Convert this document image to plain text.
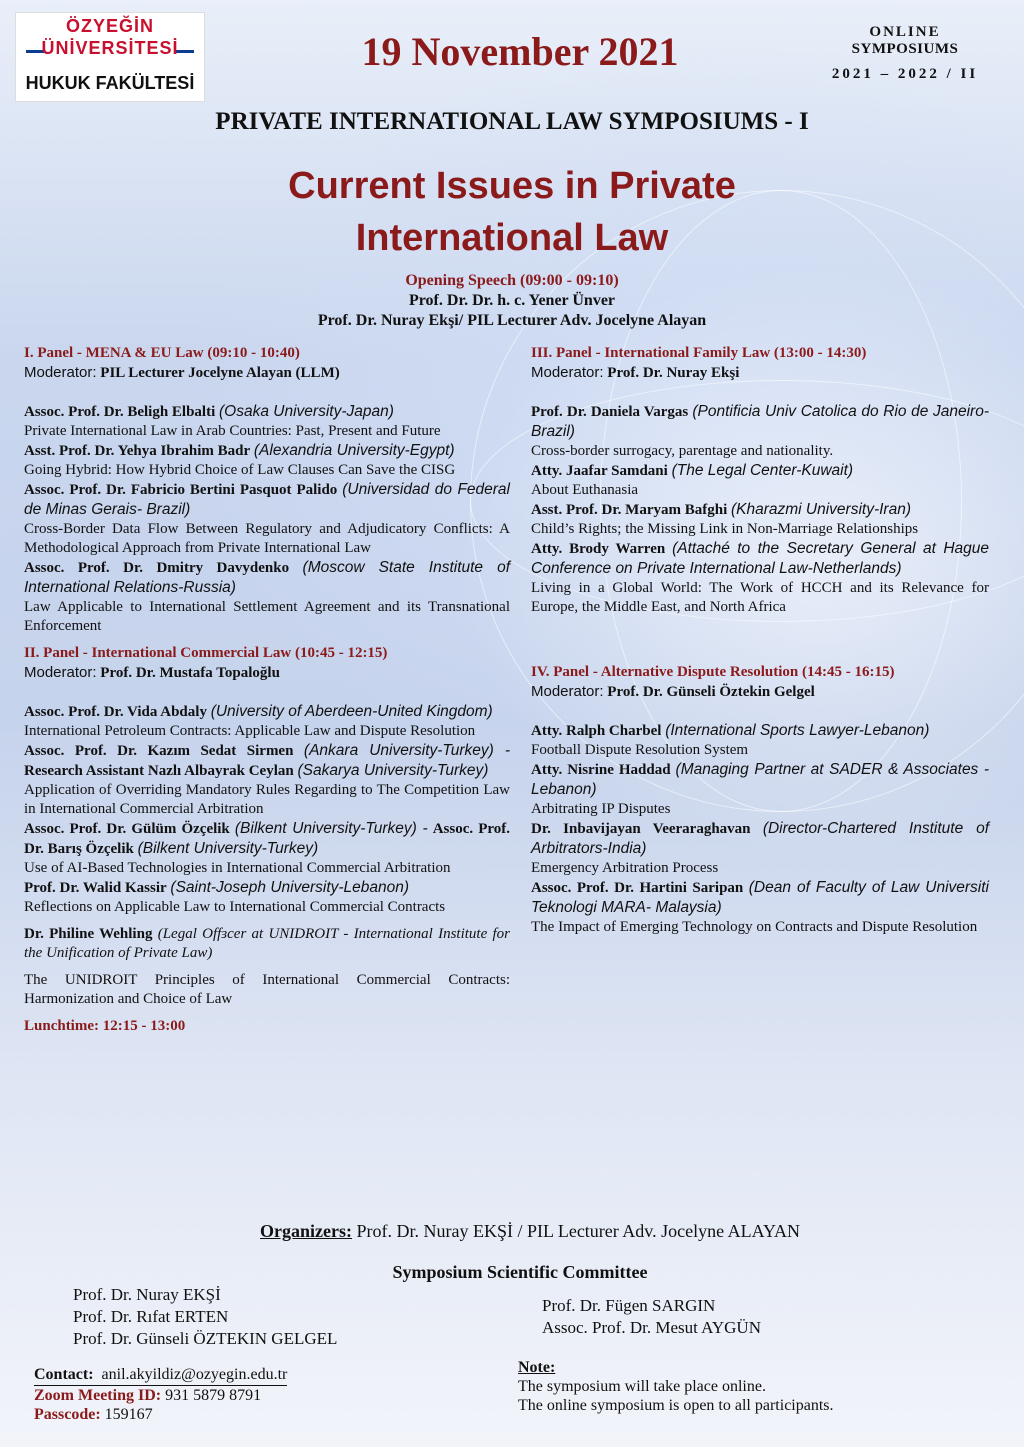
ÖZYEĞİN
ÜNİVERSİTESİ
HUKUK FAKÜLTESİ
19 November 2021	ONLINE
SYMPOSIUMS
2021 – 2022 / II
PRIVATE INTERNATIONAL LAW SYMPOSIUMS - I
Current Issues in Private
International Law
Opening Speech (09:00 - 09:10)
Prof. Dr. Dr. h. c. Yener Ünver
Prof. Dr. Nuray Ekşi/ PIL Lecturer Adv. Jocelyne Alayan

I. Panel - MENA & EU Law (09:10 - 10:40)

Moderator: PIL Lecturer Jocelyne Alayan (LLM)

Assoc. Prof. Dr. Beligh Elbalti (Osaka University-Japan)

Private International Law in Arab Countries: Past, Present and Future

Asst. Prof. Dr. Yehya Ibrahim Badr (Alexandria University-Egypt)

Going Hybrid: How Hybrid Choice of Law Clauses Can Save the CISG

Assoc. Prof. Dr. Fabricio Bertini Pasquot Palido (Universidad do Federal de Minas Gerais- Brazil)

Cross-Border Data Flow Between Regulatory and Adjudicatory Conflicts: A Methodological Approach from Private International Law

Assoc. Prof. Dr. Dmitry Davydenko (Moscow State Institute of International Relations-Russia)

Law Applicable to International Settlement Agreement and its Transnational Enforcement

II. Panel - International Commercial Law (10:45 - 12:15)

Moderator: Prof. Dr. Mustafa Topaloğlu

Assoc. Prof. Dr. Vida Abdaly (University of Aberdeen-United Kingdom)

International Petroleum Contracts: Applicable Law and Dispute Resolution

Assoc. Prof. Dr. Kazım Sedat Sirmen (Ankara University-Turkey) - Research Assistant Nazlı Albayrak Ceylan (Sakarya University-Turkey)

Application of Overriding Mandatory Rules Regarding to The Competition Law in International Commercial Arbitration

Assoc. Prof. Dr. Gülüm Özçelik (Bilkent University-Turkey) - Assoc. Prof. Dr. Barış Özçelik (Bilkent University-Turkey)

Use of AI-Based Technologies in International Commercial Arbitration

Prof. Dr. Walid Kassir (Saint-Joseph University-Lebanon)

Reflections on Applicable Law to International Commercial Contracts

Dr. Philine Wehling (Legal Offɜcer at UNIDROIT - International Institute for the Unification of Private Law)

The UNIDROIT Principles of International Commercial Contracts: Harmonization and Choice of Law

Lunchtime: 12:15 - 13:00

III. Panel - International Family Law (13:00 - 14:30)

Moderator: Prof. Dr. Nuray Ekşi

Prof. Dr. Daniela Vargas (Pontificia Univ Catolica do Rio de Janeiro-Brazil)

Cross-border surrogacy, parentage and nationality.

Atty. Jaafar Samdani (The Legal Center-Kuwait)

About Euthanasia

Asst. Prof. Dr. Maryam Bafghi (Kharazmi University-Iran)

Child’s Rights; the Missing Link in Non-Marriage Relationships

Atty. Brody Warren (Attaché to the Secretary General at Hague Conference on Private International Law-Netherlands)

Living in a Global World: The Work of HCCH and its Relevance for Europe, the Middle East, and North Africa

IV. Panel - Alternative Dispute Resolution (14:45 - 16:15)

Moderator: Prof. Dr. Günseli Öztekin Gelgel

Atty. Ralph Charbel (International Sports Lawyer-Lebanon)

Football Dispute Resolution System

Atty. Nisrine Haddad (Managing Partner at SADER & Associates -Lebanon)

Arbitrating IP Disputes

Dr. Inbavijayan Veeraraghavan (Director-Chartered Institute of Arbitrators-India)

Emergency Arbitration Process

Assoc. Prof. Dr. Hartini Saripan (Dean of Faculty of Law Universiti Teknologi MARA- Malaysia)

The Impact of Emerging Technology on Contracts and Dispute Resolution

Organizers: Prof. Dr. Nuray EKŞİ / PIL Lecturer Adv. Jocelyne ALAYAN
Symposium Scientific Committee
Prof. Dr. Nuray EKŞİ
Prof. Dr. Rıfat ERTEN
Prof. Dr. Günseli ÖZTEKIN GELGEL
Prof. Dr. Fügen SARGIN
Assoc. Prof. Dr. Mesut AYGÜN
Contact: anil.akyildiz@ozyegin.edu.tr
Zoom Meeting ID: 931 5879 8791
Passcode: 159167
Note:
The symposium will take place online.
The online symposium is open to all participants.
